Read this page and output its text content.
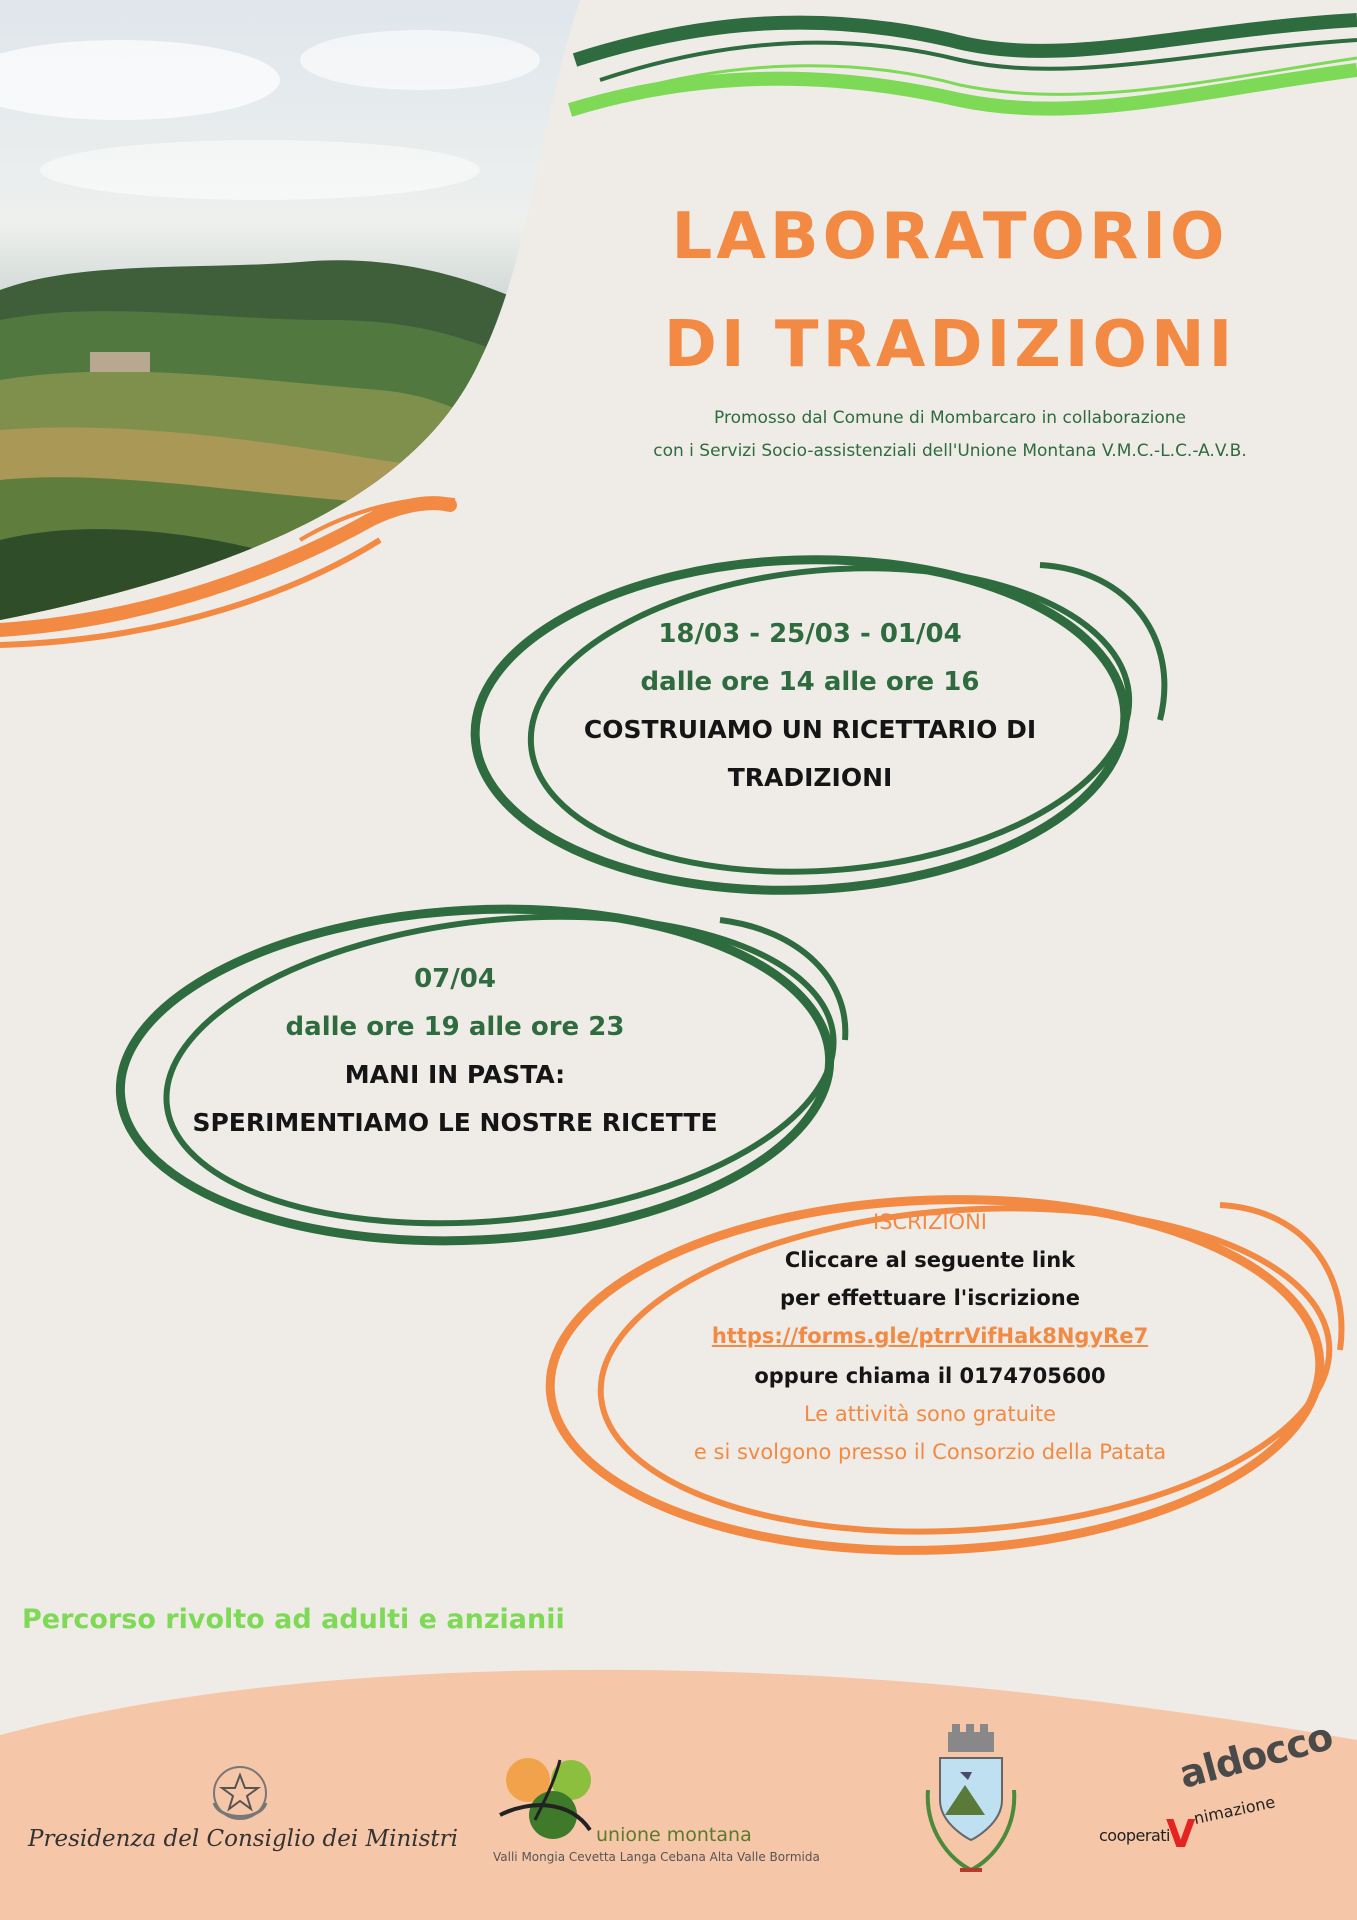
LABORATORIO
DI TRADIZIONI
Promosso dal Comune di Mombarcaro in collaborazione
con i Servizi Socio-assistenziali dell'Unione Montana V.M.C.-L.C.-A.V.B.
18/03 - 25/03 - 01/04
dalle ore 14 alle ore 16
COSTRUIAMO UN RICETTARIO DI
TRADIZIONI
07/04
dalle ore 19 alle ore 23
MANI IN PASTA:
SPERIMENTIAMO LE NOSTRE RICETTE
ISCRIZIONI
Cliccare al seguente link
per effettuare l'iscrizione
https://forms.gle/ptrrVifHak8NgyRe7
oppure chiama il 0174705600
Le attività sono gratuite
e si svolgono presso il Consorzio della Patata
Percorso rivolto ad adulti e anzianii
Presidenza del Consiglio dei Ministri	unione montana
Valli Mongia Cevetta Langa Cebana Alta Valle Bormida
aldocco
cooperati
V
nimazione
